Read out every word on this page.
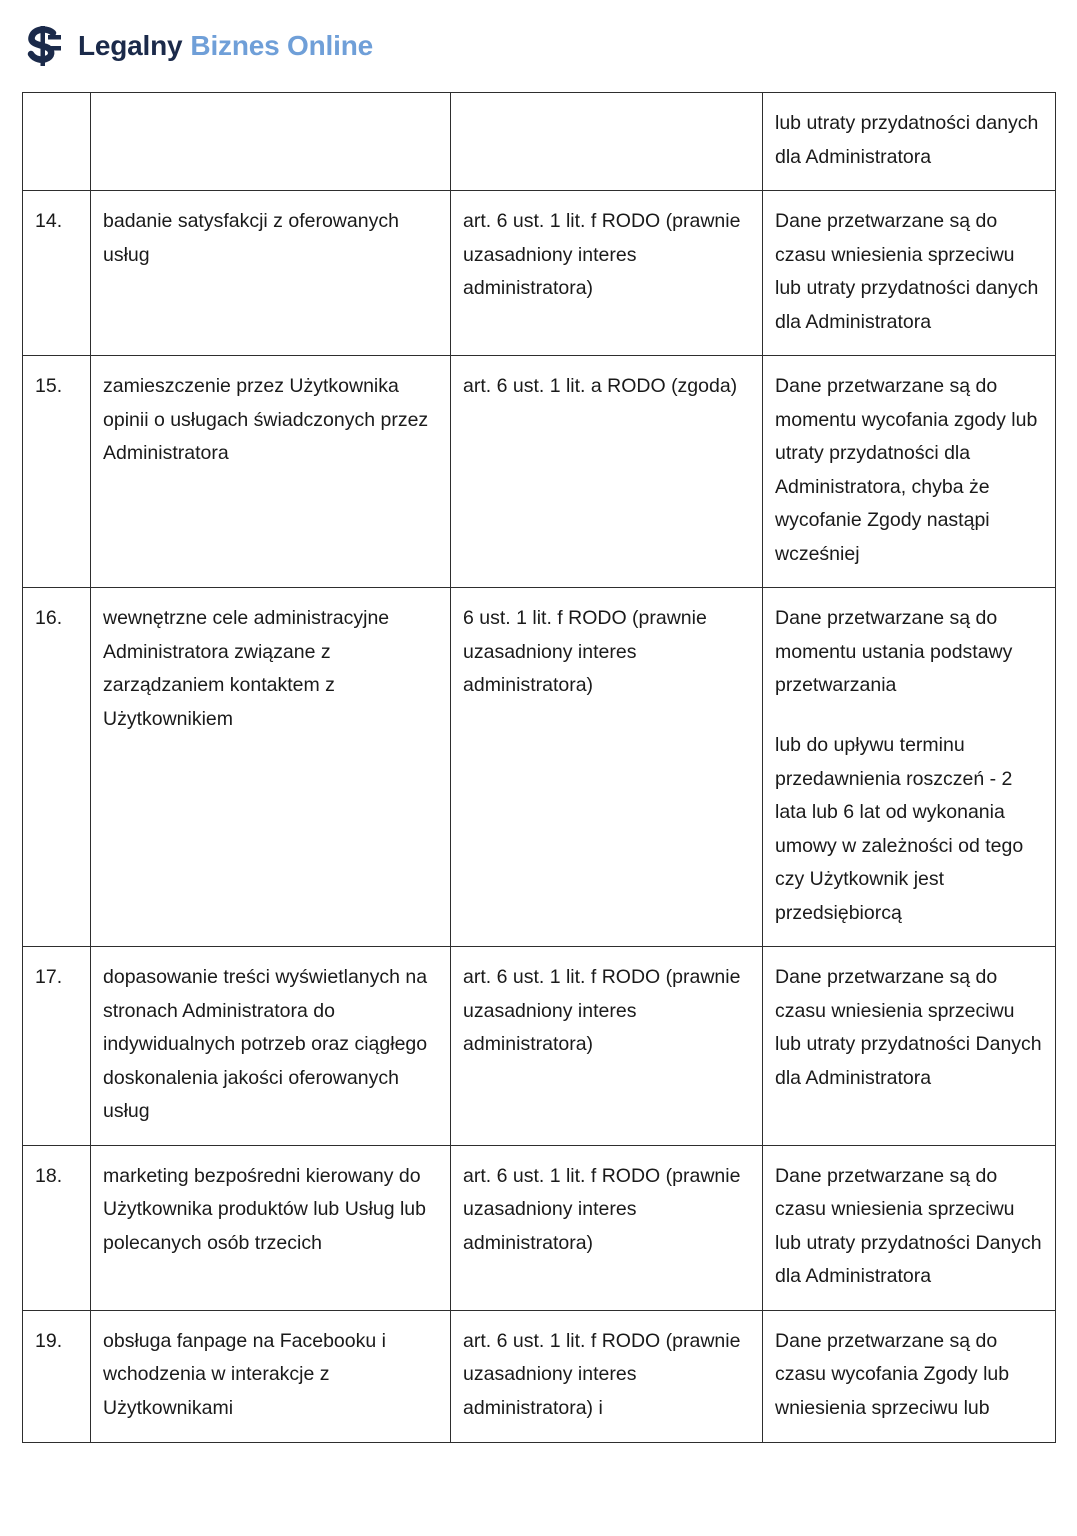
Legalny Biznes Online
			lub utraty przydatności danych dla Administratora
14.	badanie satysfakcji z oferowanych usług	art. 6 ust. 1 lit. f RODO (prawnie uzasadniony interes administratora)	Dane przetwarzane są do czasu wniesienia sprzeciwu lub utraty przydatności danych dla Administratora
15.	zamieszczenie przez Użytkownika opinii o usługach świadczonych przez Administratora	art. 6 ust. 1 lit. a RODO (zgoda)	Dane przetwarzane są do momentu wycofania zgody lub utraty przydatności dla Administratora, chyba że wycofanie Zgody nastąpi wcześniej
16.	wewnętrzne cele administracyjne Administratora związane z zarządzaniem kontaktem z Użytkownikiem	6 ust. 1 lit. f RODO (prawnie uzasadniony interes administratora)	Dane przetwarzane są do momentu ustania podstawy przetwarzania

lub do upływu terminu przedawnienia roszczeń - 2 lata lub 6 lat od wykonania umowy w zależności od tego czy Użytkownik jest przedsiębiorcą

17.	dopasowanie treści wyświetlanych na stronach Administratora do indywidualnych potrzeb oraz ciągłego doskonalenia jakości oferowanych usług	art. 6 ust. 1 lit. f RODO (prawnie uzasadniony interes administratora)	Dane przetwarzane są do czasu wniesienia sprzeciwu lub utraty przydatności Danych dla Administratora
18.	marketing bezpośredni kierowany do Użytkownika produktów lub Usług lub polecanych osób trzecich	art. 6 ust. 1 lit. f RODO (prawnie uzasadniony interes administratora)	Dane przetwarzane są do czasu wniesienia sprzeciwu lub utraty przydatności Danych dla Administratora
19.	obsługa fanpage na Facebooku i wchodzenia w interakcje z Użytkownikami	art. 6 ust. 1 lit. f RODO (prawnie uzasadniony interes administratora) i	Dane przetwarzane są do czasu wycofania Zgody lub wniesienia sprzeciwu lub
